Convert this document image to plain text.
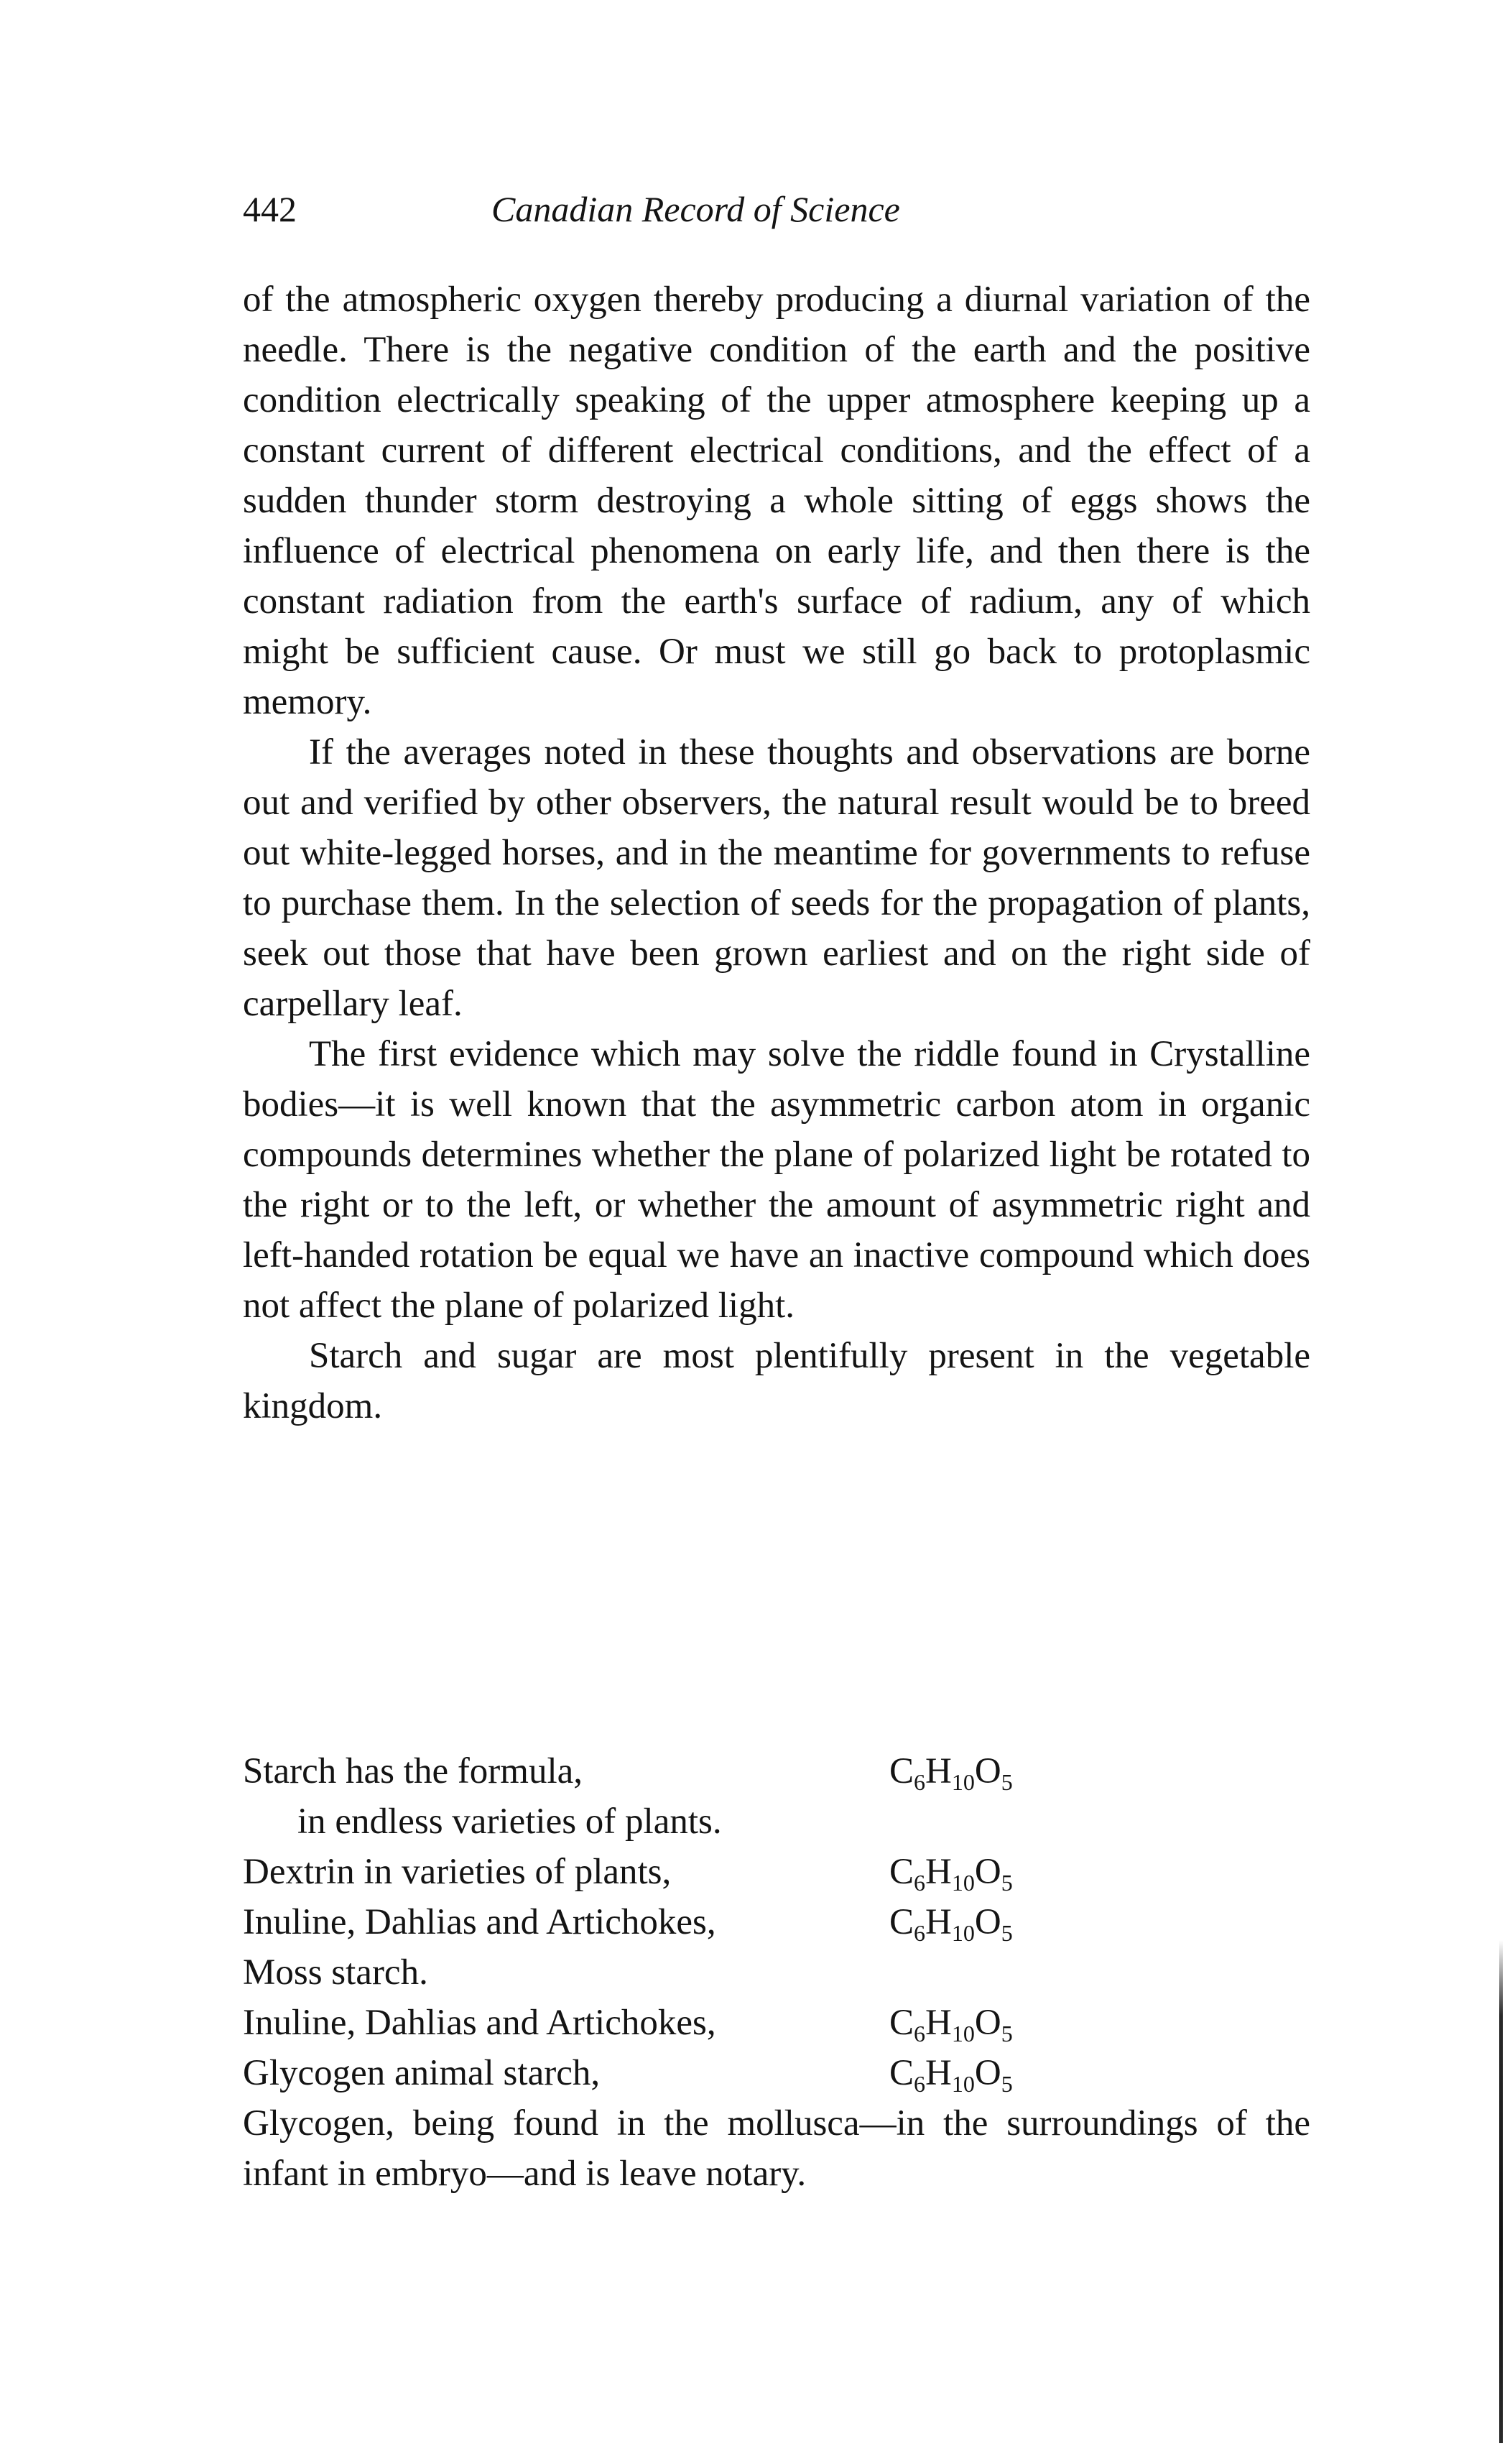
442	Canadian Record of Science

of the atmospheric oxygen thereby producing a diurnal variation of the needle. There is the negative condition of the earth and the positive condition electrically speaking of the upper atmosphere keeping up a constant current of different electrical conditions, and the effect of a sudden thunder storm destroying a whole sitting of eggs shows the influence of electrical phenomena on early life, and then there is the constant radiation from the earth's surface of radium, any of which might be sufficient cause. Or must we still go back to protoplasmic memory.

If the averages noted in these thoughts and observations are borne out and verified by other observers, the natural result would be to breed out white-legged horses, and in the meantime for governments to refuse to purchase them. In the selection of seeds for the propagation of plants, seek out those that have been grown earliest and on the right side of carpellary leaf.

The first evidence which may solve the riddle found in Crystalline bodies—it is well known that the asymmetric carbon atom in organic compounds determines whether the plane of polarized light be rotated to the right or to the left, or whether the amount of asymmetric right and left-handed rotation be equal we have an inactive compound which does not affect the plane of polarized light.

Starch and sugar are most plentifully present in the vegetable kingdom.

Starch has the formula,	$C_6H_{10}O_5$
in endless varieties of plants.
Dextrin in varieties of plants,	$C_6H_{10}O_5$
Inuline, Dahlias and Artichokes,	$C_6H_{10}O_5$
Moss starch.
Inuline, Dahlias and Artichokes,	$C_6H_{10}O_5$
Glycogen animal starch,	$C_6H_{10}O_5$

Glycogen, being found in the mollusca—in the surroundings of the infant in embryo—and is leave notary.
